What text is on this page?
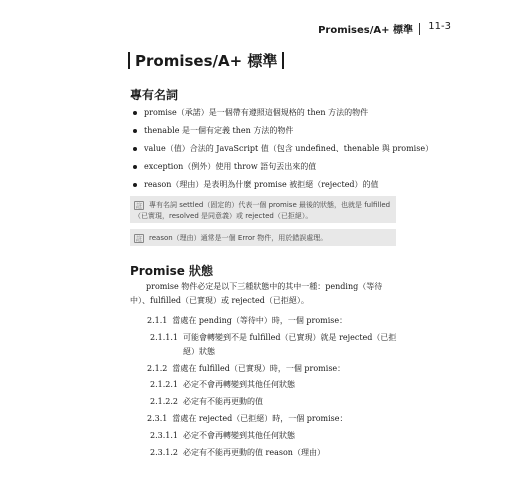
Promises/A+ 標準 11-3
Promises/A+ 標準
專有名詞
promise（承諾）是一個帶有遵照這個規格的 then 方法的物件
thenable 是一個有定義 then 方法的物件
value（值）合法的 JavaScript 值（包含 undefined、thenable 與 promise）
exception（例外）使用 throw 語句丟出來的值
reason（理由）是表明為什麼 promise 被拒絕（rejected）的值
註 專有名詞 settled（固定的）代表一個 promise 最後的狀態，也就是 fulfilled（已實現，resolved 是同意義）或 rejected（已拒絕）。
註 reason（理由）通常是一個 Error 物件，用於錯誤處理。
Promise 狀態
promise 物件必定是以下三種狀態中的其中一種：pending（等待中）、fulfilled（已實現）或 rejected（已拒絕）。
2.1.1 當處在 pending（等待中）時，一個 promise：
2.1.1.1 可能會轉變到不是 fulfilled（已實現）就是 rejected（已拒絕）狀態
2.1.2 當處在 fulfilled（已實現）時，一個 promise：
2.1.2.1 必定不會再轉變到其他任何狀態
2.1.2.2 必定有不能再更動的值
2.3.1 當處在 rejected（已拒絕）時，一個 promise：
2.3.1.1 必定不會再轉變到其他任何狀態
2.3.1.2 必定有不能再更動的值 reason（理由）
